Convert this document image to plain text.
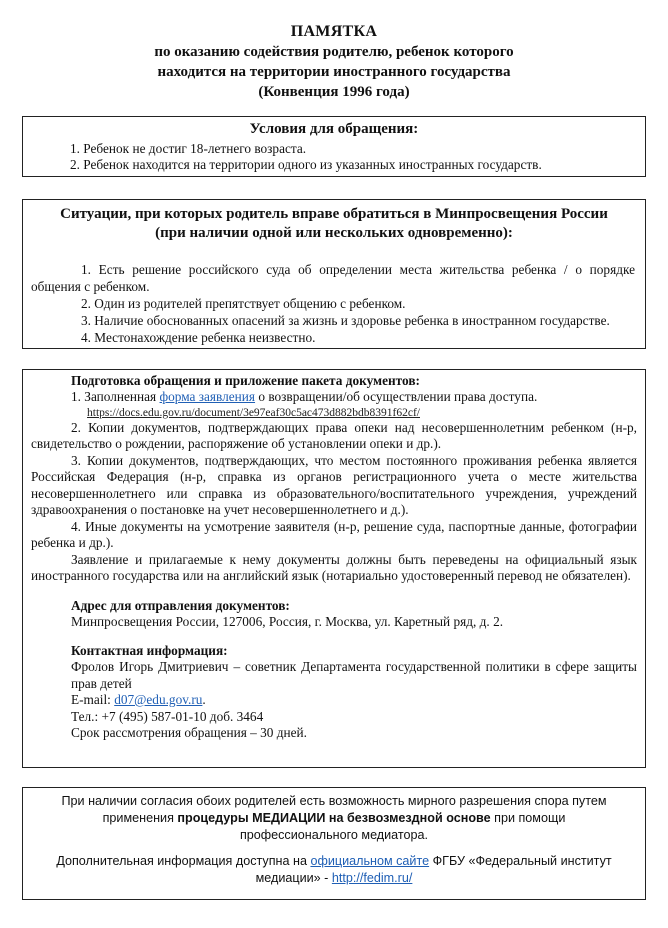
ПАМЯТКА
по оказанию содействия родителю, ребенок которого
находится на территории иностранного государства
(Конвенция 1996 года)
Условия для обращения:
1. Ребенок не достиг 18-летнего возраста.
2. Ребенок находится на территории одного из указанных иностранных государств.
Ситуации, при которых родитель вправе обратиться в Минпросвещения России
(при наличии одной или нескольких одновременно):
1. Есть решение российского суда об определении места жительства ребенка / о порядке общения с ребенком.
2. Один из родителей препятствует общению с ребенком.
3. Наличие обоснованных опасений за жизнь и здоровье ребенка в иностранном государстве.
4. Местонахождение ребенка неизвестно.
Подготовка обращения и приложение пакета документов:
1. Заполненная форма заявления о возвращении/об осуществлении права доступа.
https://docs.edu.gov.ru/document/3e97eaf30c5ac473d882bdb8391f62cf/
2. Копии документов, подтверждающих права опеки над несовершеннолетним ребенком (н-р, свидетельство о рождении, распоряжение об установлении опеки и др.).
3. Копии документов, подтверждающих, что местом постоянного проживания ребенка является Российская Федерация (н-р, справка из органов регистрационного учета о месте жительства несовершеннолетнего или справка из образовательного/воспитательного учреждения, учреждений здравоохранения о постановке на учет несовершеннолетнего и д.).
4. Иные документы на усмотрение заявителя (н-р, решение суда, паспортные данные, фотографии ребенка и др.).
Заявление и прилагаемые к нему документы должны быть переведены на официальный язык иностранного государства или на английский язык (нотариально удостоверенный перевод не обязателен).
Адрес для отправления документов:
Минпросвещения России, 127006, Россия, г. Москва, ул. Каретный ряд, д. 2.
Контактная информация:
Фролов Игорь Дмитриевич – советник Департамента государственной политики в сфере защиты прав детей
E-mail: d07@edu.gov.ru.
Тел.: +7 (495) 587-01-10 доб. 3464
Срок рассмотрения обращения – 30 дней.
При наличии согласия обоих родителей есть возможность мирного разрешения спора путем применения процедуры МЕДИАЦИИ на безвозмездной основе при помощи профессионального медиатора.
Дополнительная информация доступна на официальном сайте ФГБУ «Федеральный институт медиации» - http://fedim.ru/
